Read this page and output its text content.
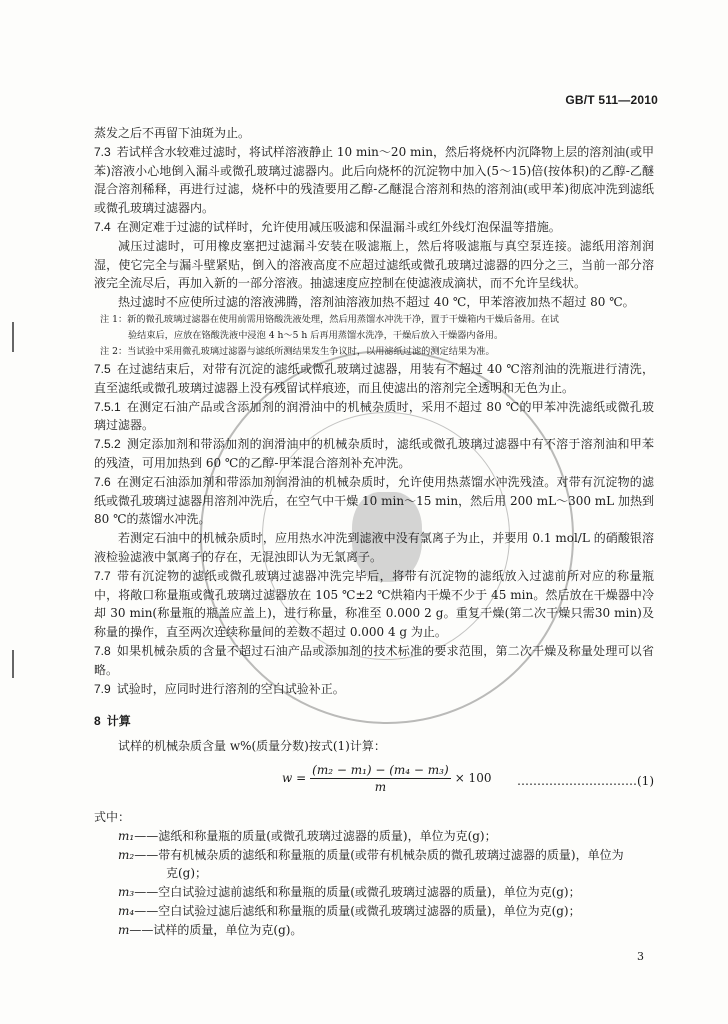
GB/T 511—2010

蒸发之后不再留下油斑为止。

7.3 若试样含水较难过滤时，将试样溶液静止 10 min～20 min，然后将烧杯内沉降物上层的溶剂油(或甲苯)溶液小心地倒入漏斗或微孔玻璃过滤器内。此后向烧杯的沉淀物中加入(5～15)倍(按体积)的乙醇-乙醚混合溶剂稀释，再进行过滤，烧杯中的残渣要用乙醇-乙醚混合溶剂和热的溶剂油(或甲苯)彻底冲洗到滤纸或微孔玻璃过滤器内。

7.4 在测定难于过滤的试样时，允许使用减压吸滤和保温漏斗或红外线灯泡保温等措施。

减压过滤时，可用橡皮塞把过滤漏斗安装在吸滤瓶上，然后将吸滤瓶与真空泵连接。滤纸用溶剂润湿，使它完全与漏斗壁紧贴，倒入的溶液高度不应超过滤纸或微孔玻璃过滤器的四分之三，当前一部分溶液完全流尽后，再加入新的一部分溶液。抽滤速度应控制在使滤液成滴状，而不允许呈线状。

热过滤时不应使所过滤的溶液沸腾，溶剂油溶液加热不超过 40 ℃，甲苯溶液加热不超过 80 ℃。

注 1：新的微孔玻璃过滤器在使用前需用铬酸洗液处理，然后用蒸馏水冲洗干净，置于干燥箱内干燥后备用。在试

验结束后，应放在铬酸洗液中浸泡 4 h～5 h 后再用蒸馏水洗净，干燥后放入干燥器内备用。

注 2：当试验中采用微孔玻璃过滤器与滤纸所测结果发生争议时，以用滤纸过滤的测定结果为准。

7.5 在过滤结束后，对带有沉淀的滤纸或微孔玻璃过滤器，用装有不超过 40 ℃溶剂油的洗瓶进行清洗，直至滤纸或微孔玻璃过滤器上没有残留试样痕迹，而且使滤出的溶剂完全透明和无色为止。

7.5.1 在测定石油产品或含添加剂的润滑油中的机械杂质时，采用不超过 80 ℃的甲苯冲洗滤纸或微孔玻璃过滤器。

7.5.2 测定添加剂和带添加剂的润滑油中的机械杂质时，滤纸或微孔玻璃过滤器中有不溶于溶剂油和甲苯的残渣，可用加热到 60 ℃的乙醇-甲苯混合溶剂补充冲洗。

7.6 在测定石油添加剂和带添加剂润滑油的机械杂质时，允许使用热蒸馏水冲洗残渣。对带有沉淀物的滤纸或微孔玻璃过滤器用溶剂冲洗后，在空气中干燥 10 min～15 min，然后用 200 mL～300 mL 加热到 80 ℃的蒸馏水冲洗。

若测定石油中的机械杂质时，应用热水冲洗到滤液中没有氯离子为止，并要用 0.1 mol/L 的硝酸银溶液检验滤液中氯离子的存在，无混浊即认为无氯离子。

7.7 带有沉淀物的滤纸或微孔玻璃过滤器冲洗完毕后，将带有沉淀物的滤纸放入过滤前所对应的称量瓶中，将敞口称量瓶或微孔玻璃过滤器放在 105 ℃±2 ℃烘箱内干燥不少于 45 min。然后放在干燥器中冷却 30 min(称量瓶的瓶盖应盖上)，进行称量，称准至 0.000 2 g。重复干燥(第二次干燥只需30 min)及称量的操作，直至两次连续称量间的差数不超过 0.000 4 g 为止。

7.8 如果机械杂质的含量不超过石油产品或添加剂的技术标准的要求范围，第二次干燥及称量处理可以省略。

7.9 试验时，应同时进行溶剂的空白试验补正。

8 计算

试样的机械杂质含量 w%(质量分数)按式(1)计算：

$w = \frac{\text{(m₂ − m₁) − (m₄ − m₃)}}{m} \times 100$ …………………………(1)

式中：

m₁——滤纸和称量瓶的质量(或微孔玻璃过滤器的质量)，单位为克(g)；

m₂——带有机械杂质的滤纸和称量瓶的质量(或带有机械杂质的微孔玻璃过滤器的质量)，单位为

克(g)；

m₃——空白试验过滤前滤纸和称量瓶的质量(或微孔玻璃过滤器的质量)，单位为克(g)；

m₄——空白试验过滤后滤纸和称量瓶的质量(或微孔玻璃过滤器的质量)，单位为克(g)；

m——试样的质量，单位为克(g)。

3
